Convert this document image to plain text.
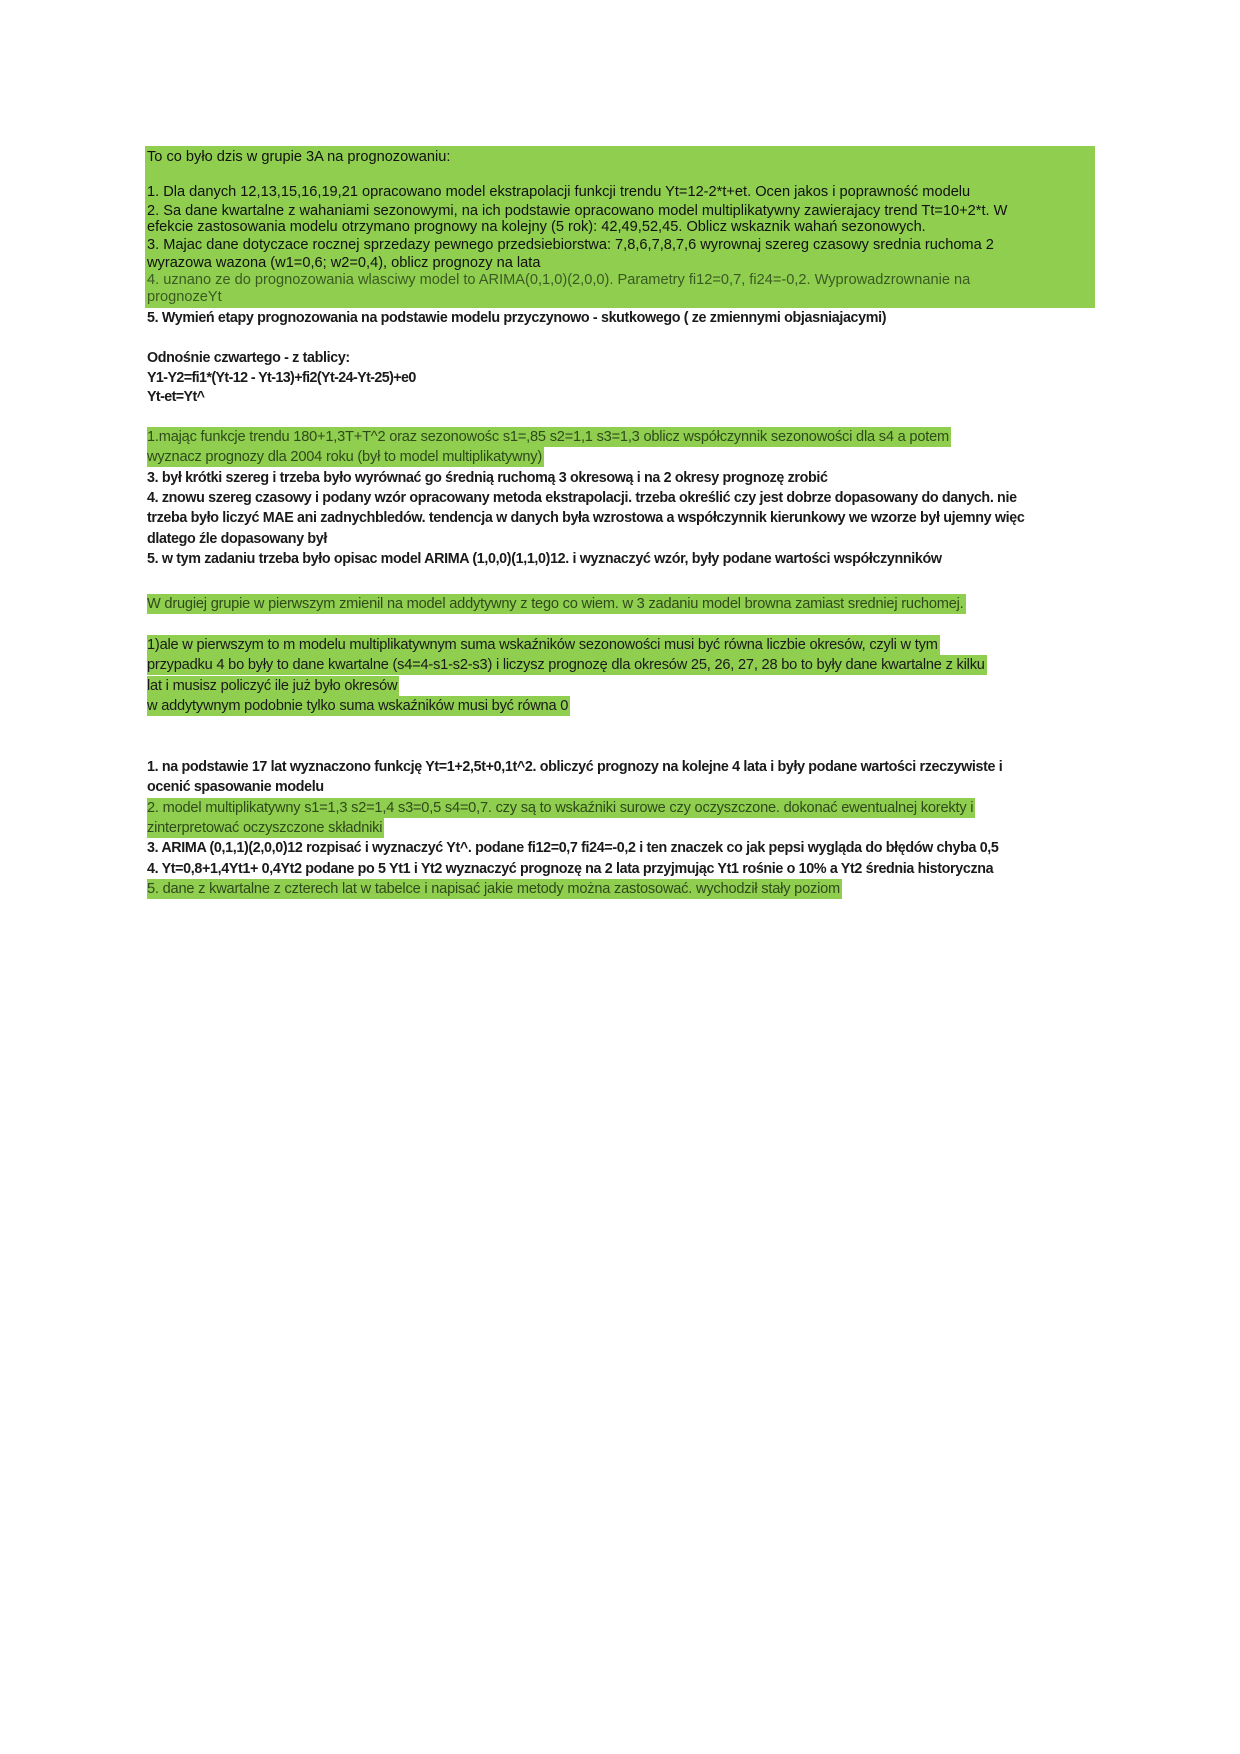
To co było dzis w grupie 3A na prognozowaniu:
1. Dla danych 12,13,15,16,19,21 opracowano model ekstrapolacji funkcji trendu Yt=12-2*t+et. Ocen jakos i poprawność modelu
2. Sa dane kwartalne z wahaniami sezonowymi, na ich podstawie opracowano model multiplikatywny zawierajacy trend Tt=10+2*t. W
efekcie zastosowania modelu otrzymano prognowy na kolejny (5 rok): 42,49,52,45. Oblicz wskaznik wahań sezonowych.
3. Majac dane dotyczace rocznej sprzedazy pewnego przedsiebiorstwa: 7,8,6,7,8,7,6 wyrownaj szereg czasowy srednia ruchoma 2
wyrazowa wazona (w1=0,6; w2=0,4), oblicz prognozy na lata
4. uznano ze do prognozowania wlasciwy model to ARIMA(0,1,0)(2,0,0). Parametry fi12=0,7, fi24=-0,2. Wyprowadzrownanie na
prognozeYt
5. Wymień etapy prognozowania na podstawie modelu przyczynowo - skutkowego ( ze zmiennymi objasniajacymi)
Odnośnie czwartego - z tablicy:
Y1-Y2=fi1*(Yt-12 - Yt-13)+fi2(Yt-24-Yt-25)+e0
Yt-et=Yt^
1.mając funkcje trendu 180+1,3T+T^2 oraz sezonowośc s1=,85 s2=1,1 s3=1,3 oblicz współczynnik sezonowości dla s4 a potem
wyznacz prognozy dla 2004 roku (był to model multiplikatywny)
3. był krótki szereg i trzeba było wyrównać go średnią ruchomą 3 okresową i na 2 okresy prognozę zrobić
4. znowu szereg czasowy i podany wzór opracowany metoda ekstrapolacji. trzeba określić czy jest dobrze dopasowany do danych. nie
trzeba było liczyć MAE ani zadnychbledów. tendencja w danych była wzrostowa a współczynnik kierunkowy we wzorze był ujemny więc
dlatego źle dopasowany był
5. w tym zadaniu trzeba było opisac model ARIMA (1,0,0)(1,1,0)12. i wyznaczyć wzór, były podane wartości współczynników
W drugiej grupie w pierwszym zmienil na model addytywny z tego co wiem. w 3 zadaniu model browna zamiast sredniej ruchomej.
1)ale w pierwszym to m modelu multiplikatywnym suma wskaźników sezonowości musi być równa liczbie okresów, czyli w tym
przypadku 4 bo były to dane kwartalne (s4=4-s1-s2-s3) i liczysz prognozę dla okresów 25, 26, 27, 28 bo to były dane kwartalne z kilku
lat i musisz policzyć ile już było okresów
w addytywnym podobnie tylko suma wskaźników musi być równa 0
1. na podstawie 17 lat wyznaczono funkcję Yt=1+2,5t+0,1t^2. obliczyć prognozy na kolejne 4 lata i były podane wartości rzeczywiste i
ocenić spasowanie modelu
2. model multiplikatywny s1=1,3 s2=1,4 s3=0,5 s4=0,7. czy są to wskaźniki surowe czy oczyszczone. dokonać ewentualnej korekty i
zinterpretować oczyszczone składniki
3. ARIMA (0,1,1)(2,0,0)12 rozpisać i wyznaczyć Yt^. podane fi12=0,7 fi24=-0,2 i ten znaczek co jak pepsi wygląda do błędów chyba 0,5
4. Yt=0,8+1,4Yt1+ 0,4Yt2 podane po 5 Yt1 i Yt2 wyznaczyć prognozę na 2 lata przyjmując Yt1 rośnie o 10% a Yt2 średnia historyczna
5. dane z kwartalne z czterech lat w tabelce i napisać jakie metody można zastosować. wychodził stały poziom
